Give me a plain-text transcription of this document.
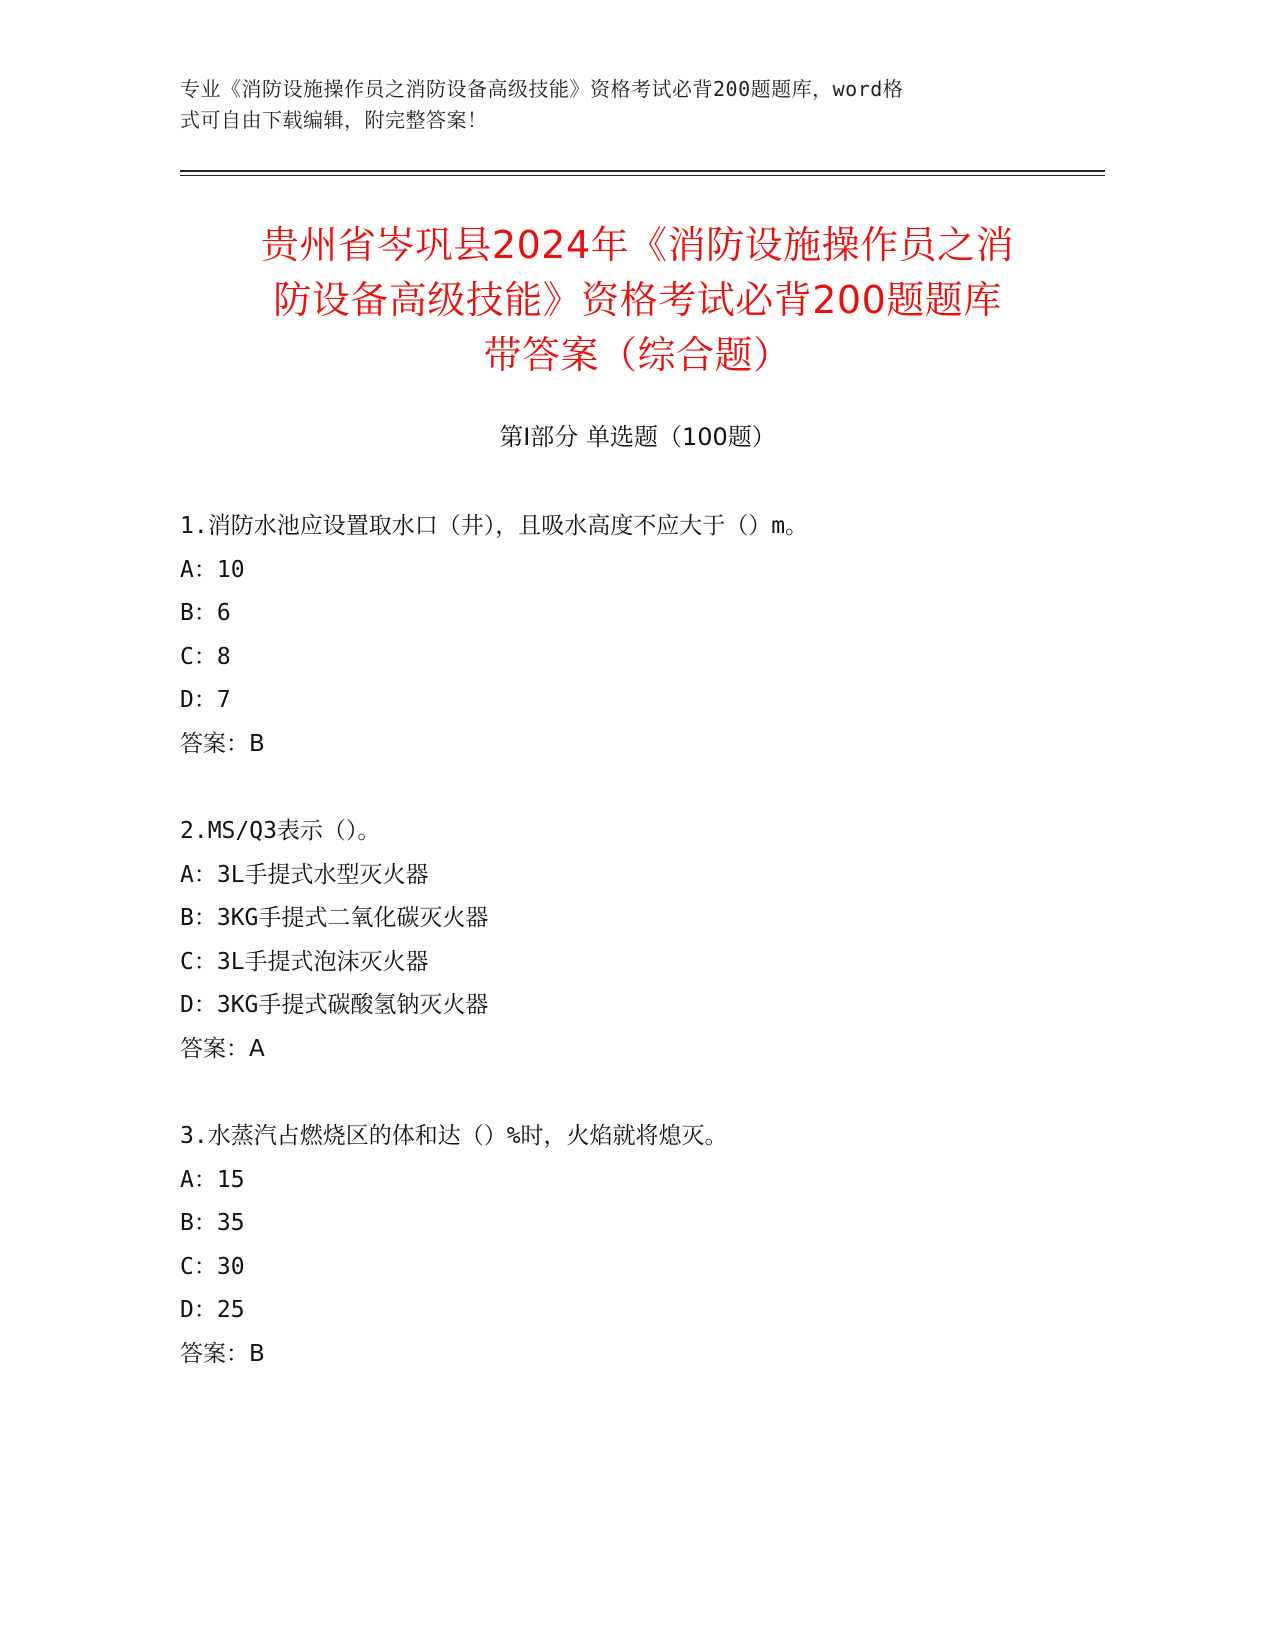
专业《消防设施操作员之消防设备高级技能》资格考试必背200题题库，word格
式可自由下载编辑，附完整答案！
贵州省岑巩县2024年《消防设施操作员之消
防设备高级技能》资格考试必背200题题库
带答案（综合题）
第Ⅰ部分 单选题（100题）
1.消防水池应设置取水口（井），且吸水高度不应大于（）m。
A：10
B：6
C：8
D：7
答案：B
2.MS/Q3表示（）。
A：3L手提式水型灭火器
B：3KG手提式二氧化碳灭火器
C：3L手提式泡沫灭火器
D：3KG手提式碳酸氢钠灭火器
答案：A
3.水蒸汽占燃烧区的体和达（）%时，火焰就将熄灭。
A：15
B：35
C：30
D：25
答案：B
